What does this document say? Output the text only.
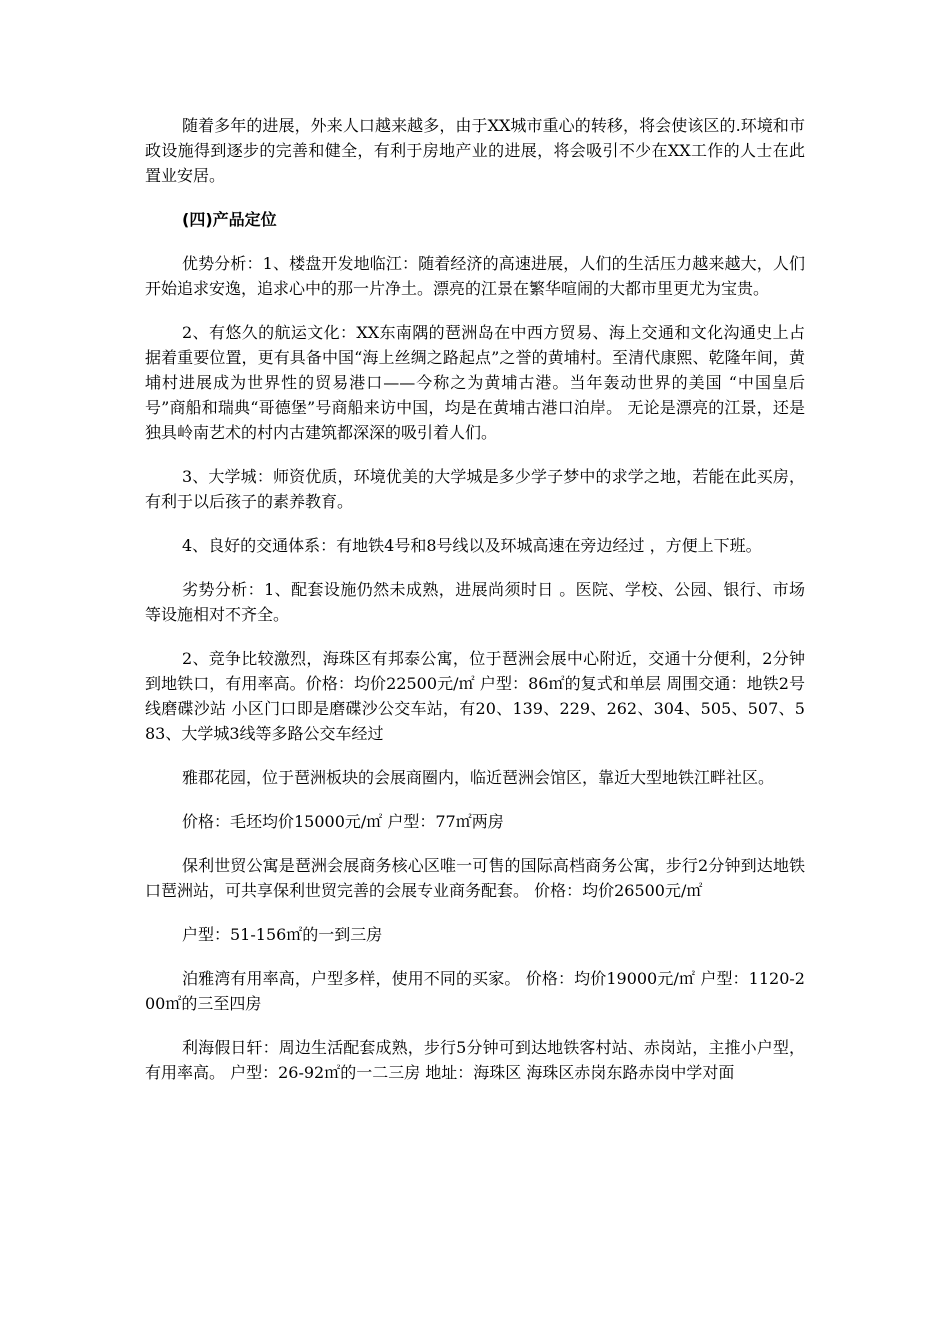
随着多年的进展，外来人口越来越多，由于XX城市重心的转移，将会使该区的.环境和市政设施得到逐步的完善和健全，有利于房地产业的进展，将会吸引不少在XX工作的人士在此置业安居。

(四)产品定位

优势分析：1、楼盘开发地临江：随着经济的高速进展，人们的生活压力越来越大，人们开始追求安逸，追求心中的那一片净土。漂亮的江景在繁华喧闹的大都市里更尤为宝贵。

2、有悠久的航运文化：XX东南隅的琶洲岛在中西方贸易、海上交通和文化沟通史上占据着重要位置，更有具备中国“海上丝绸之路起点”之誉的黄埔村。至清代康熙、乾隆年间，黄埔村进展成为世界性的贸易港口——今称之为黄埔古港。当年轰动世界的美国 “中国皇后号”商船和瑞典“哥德堡”号商船来访中国，均是在黄埔古港口泊岸。 无论是漂亮的江景，还是独具岭南艺术的村内古建筑都深深的吸引着人们。

3、大学城：师资优质，环境优美的大学城是多少学子梦中的求学之地，若能在此买房，有利于以后孩子的素养教育。

4、良好的交通体系：有地铁4号和8号线以及环城高速在旁边经过 ，方便上下班。

劣势分析：1、配套设施仍然未成熟，进展尚须时日 。医院、学校、公园、银行、市场等设施相对不齐全。

2、竞争比较激烈，海珠区有邦泰公寓，位于琶洲会展中心附近，交通十分便利，2分钟到地铁口，有用率高。价格：均价22500元/㎡ 户型：86㎡的复式和单层 周围交通：地铁2号线磨碟沙站 小区门口即是磨碟沙公交车站，有20、139、229、262、304、505、507、583、大学城3线等多路公交车经过

雅郡花园，位于琶洲板块的会展商圈内，临近琶洲会馆区，靠近大型地铁江畔社区。

价格：毛坯均价15000元/㎡ 户型：77㎡两房

保利世贸公寓是琶洲会展商务核心区唯一可售的国际高档商务公寓，步行2分钟到达地铁口琶洲站，可共享保利世贸完善的会展专业商务配套。 价格：均价26500元/㎡

户型：51-156㎡的一到三房

泊雅湾有用率高，户型多样，使用不同的买家。 价格：均价19000元/㎡ 户型：1120-200㎡的三至四房

利海假日轩：周边生活配套成熟，步行5分钟可到达地铁客村站、赤岗站，主推小户型，有用率高。 户型：26-92㎡的一二三房 地址：海珠区 海珠区赤岗东路赤岗中学对面
